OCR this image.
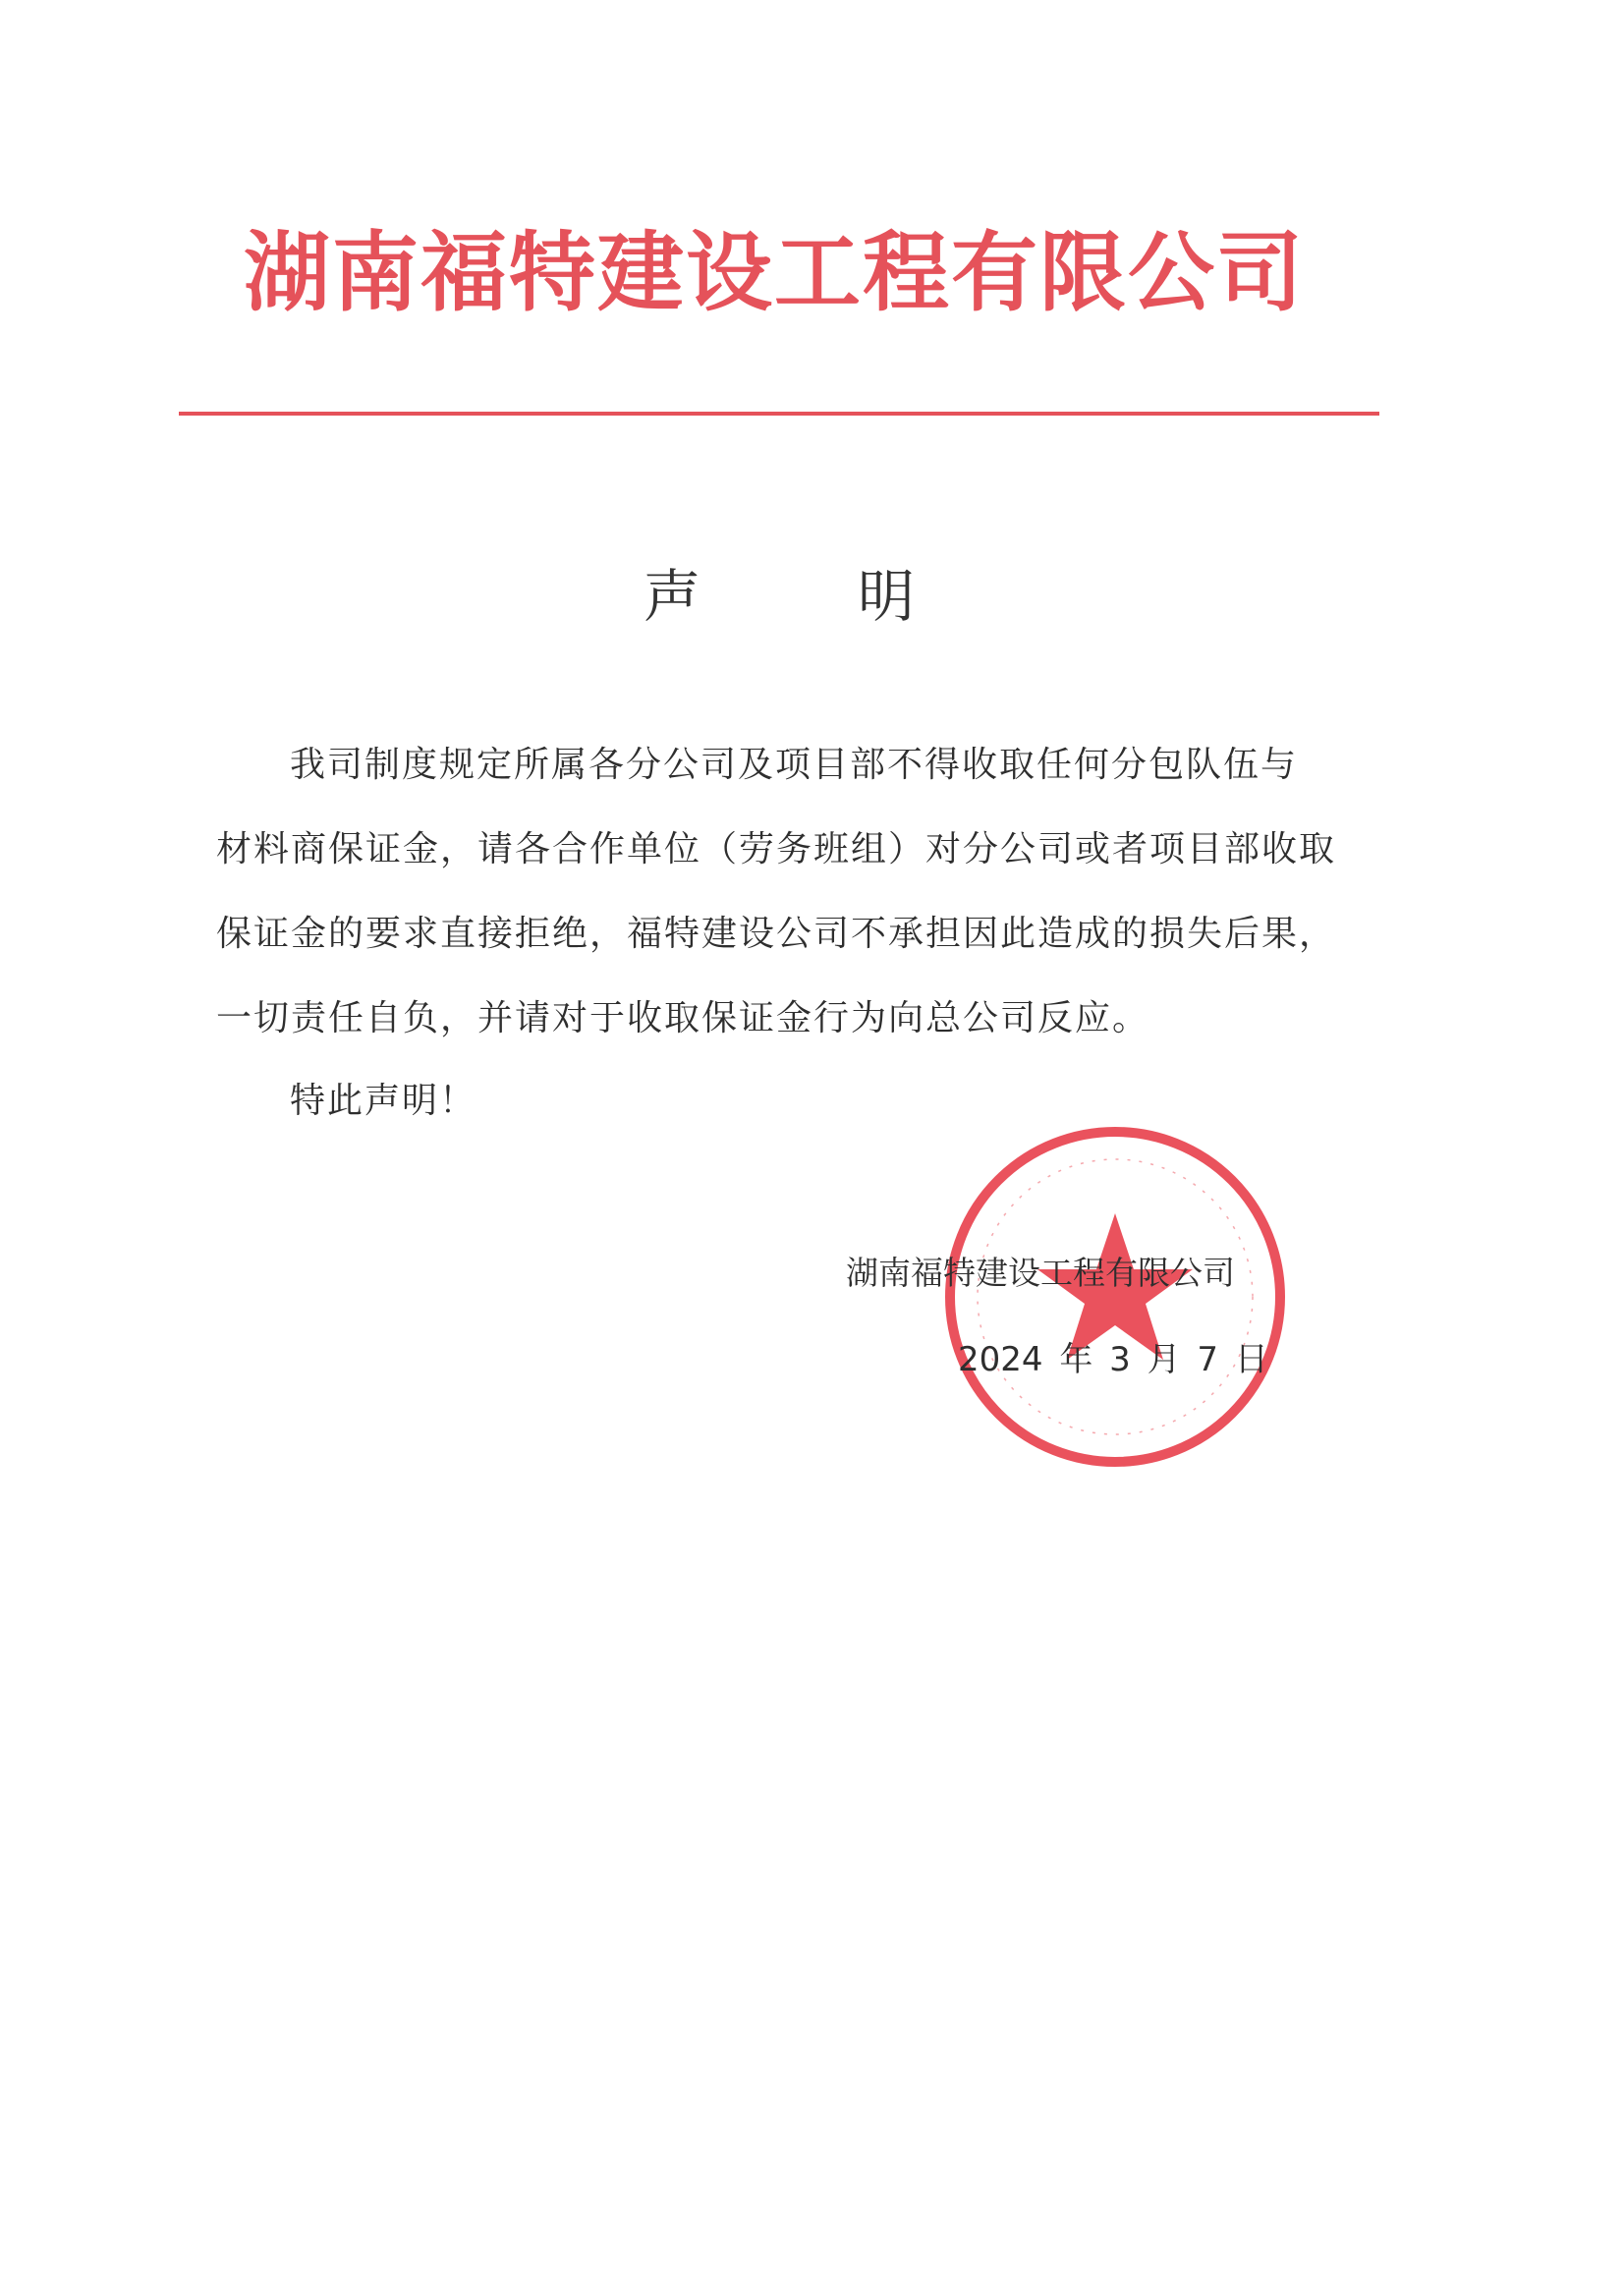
湖南福特建设工程有限公司
声明
我司制度规定所属各分公司及项目部不得收取任何分包队伍与
材料商保证金，请各合作单位（劳务班组）对分公司或者项目部收取
保证金的要求直接拒绝，福特建设公司不承担因此造成的损失后果，
一切责任自负，并请对于收取保证金行为向总公司反应。
特此声明！
湖南福特建设工程有限公司
2024 年 3 月 7 日
